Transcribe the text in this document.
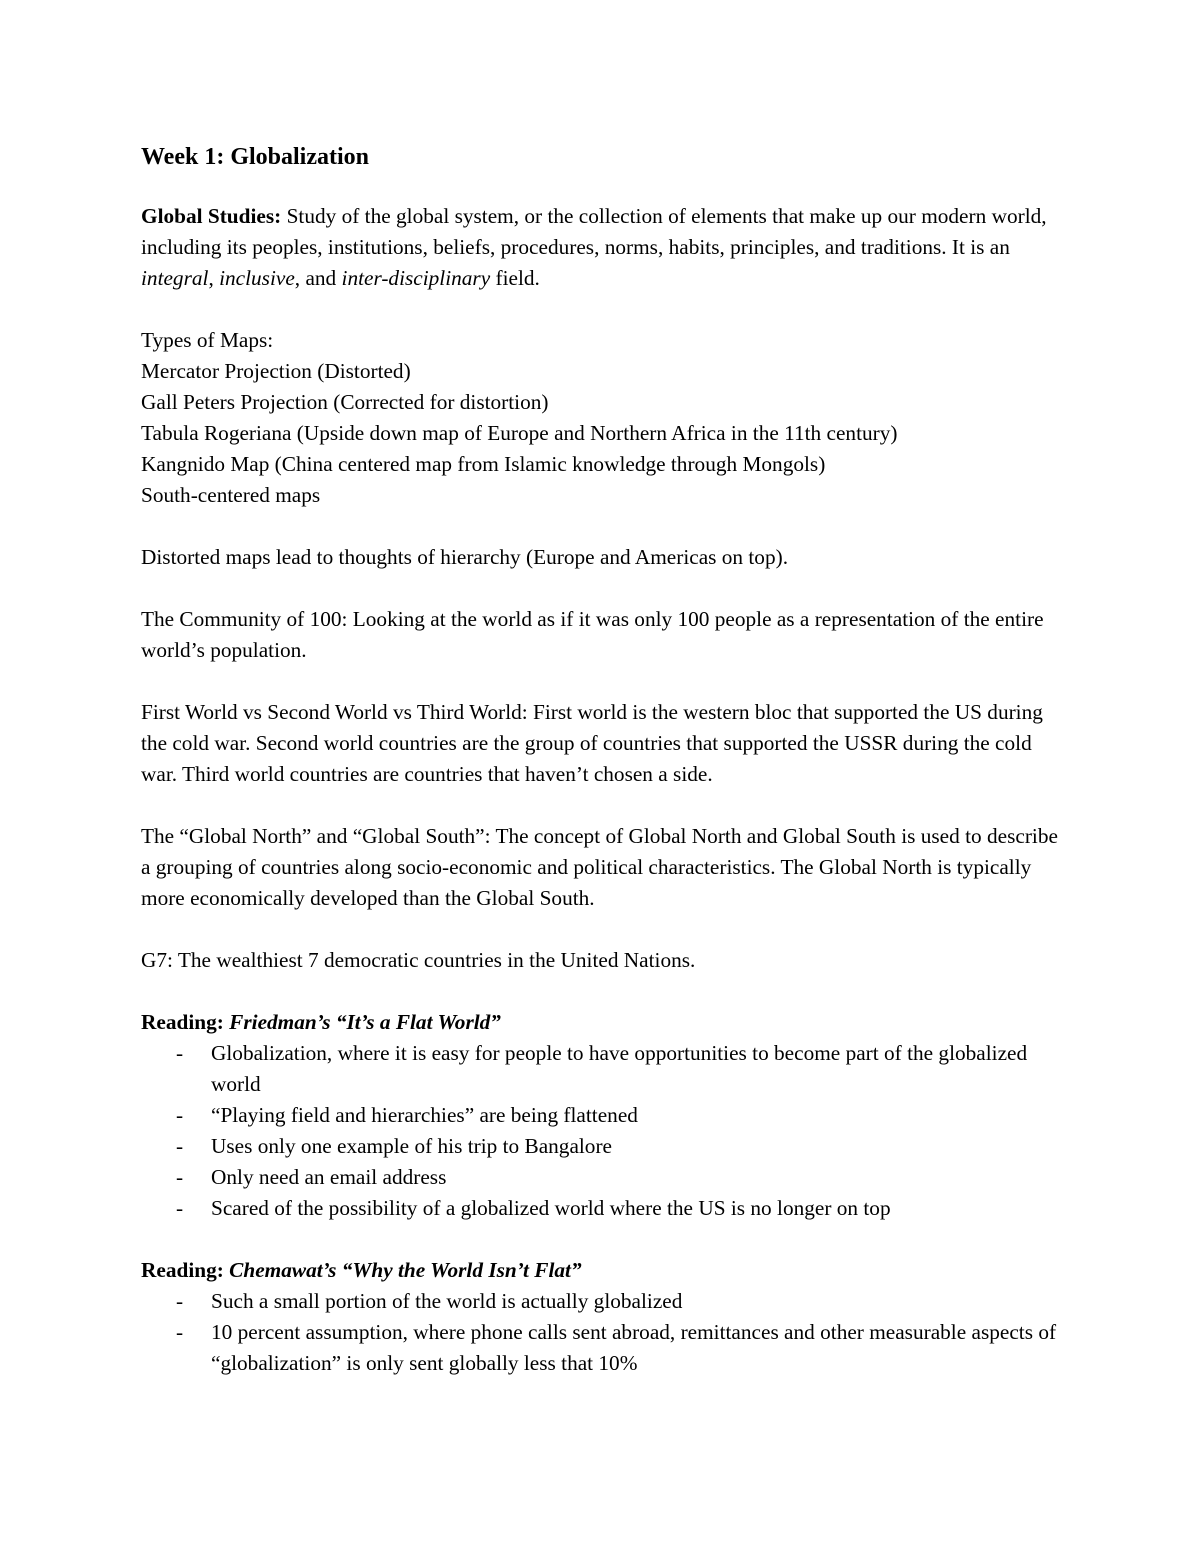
Week 1: Globalization

Global Studies: Study of the global system, or the collection of elements that make up our modern world, including its peoples, institutions, beliefs, procedures, norms, habits, principles, and traditions. It is an integral, inclusive, and inter-disciplinary field.

Types of Maps:
Mercator Projection (Distorted)
Gall Peters Projection (Corrected for distortion)
Tabula Rogeriana (Upside down map of Europe and Northern Africa in the 11th century)
Kangnido Map (China centered map from Islamic knowledge through Mongols)
South-centered maps

Distorted maps lead to thoughts of hierarchy (Europe and Americas on top).

The Community of 100: Looking at the world as if it was only 100 people as a representation of the entire world’s population.

First World vs Second World vs Third World: First world is the western bloc that supported the US during the cold war. Second world countries are the group of countries that supported the USSR during the cold war. Third world countries are countries that haven’t chosen a side.

The “Global North” and “Global South”: The concept of Global North and Global South is used to describe a grouping of countries along socio-economic and political characteristics. The Global North is typically more economically developed than the Global South.

G7: The wealthiest 7 democratic countries in the United Nations.

Reading: Friedman’s “It’s a Flat World”
- Globalization, where it is easy for people to have opportunities to become part of the globalized world
- “Playing field and hierarchies” are being flattened
- Uses only one example of his trip to Bangalore
- Only need an email address
- Scared of the possibility of a globalized world where the US is no longer on top
Reading: Chemawat’s “Why the World Isn’t Flat”
- Such a small portion of the world is actually globalized
- 10 percent assumption, where phone calls sent abroad, remittances and other measurable aspects of “globalization” is only sent globally less that 10%
